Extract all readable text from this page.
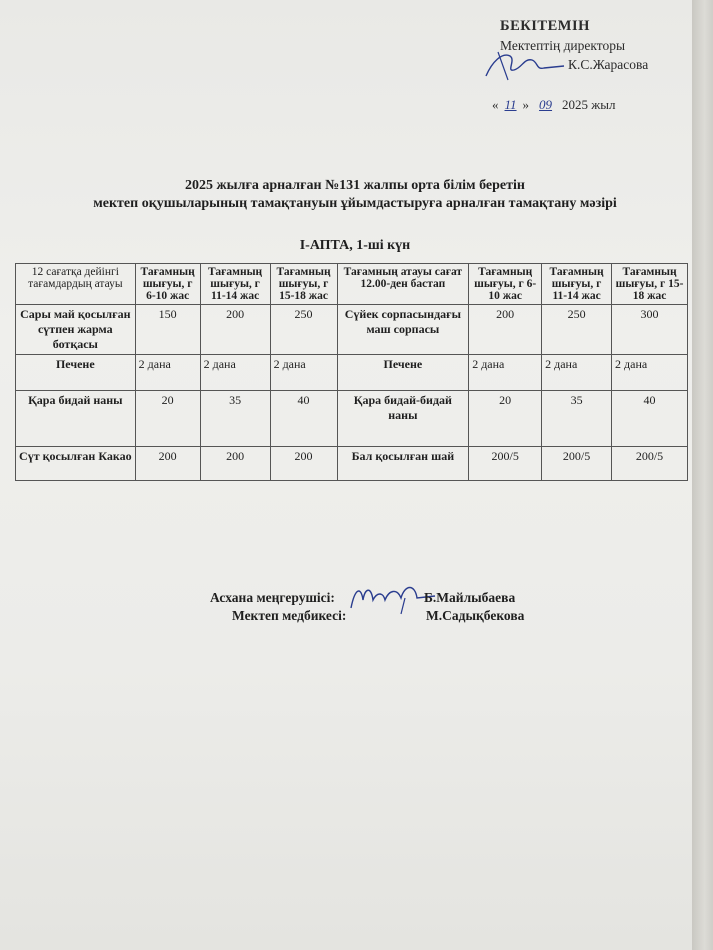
БЕКІТЕМІН
Мектептің директоры
К.С.Жарасова
« 11 » 09 2025 жыл
2025 жылға арналған №131 жалпы орта білім беретін
мектеп оқушыларының тамақтануын ұйымдастыруға арналған тамақтану мәзірі
І-АПТА, 1-ші күн
12 сағатқа дейінгі тағамдардың атауы	Тағамның шығуы, г 6-10 жас	Тағамның шығуы, г 11-14 жас	Тағамның шығуы, г 15-18 жас	Тағамның атауы сағат 12.00-ден бастап	Тағамның шығуы, г 6-10 жас	Тағамның шығуы, г 11-14 жас	Тағамның шығуы, г 15-18 жас
Сары май қосылған сүтпен жарма ботқасы	150	200	250	Сүйек сорпасындағы маш сорпасы	200	250	300
Печене	2 дана	2 дана	2 дана	Печене	2 дана	2 дана	2 дана
Қара бидай наны	20	35	40	Қара бидай-бидай наны	20	35	40
Сүт қосылған Какао	200	200	200	Бал қосылған шай	200/5	200/5	200/5
Асхана меңгерушісі:	Б.Майлыбаева
Мектеп медбикесі:	М.Садықбекова
